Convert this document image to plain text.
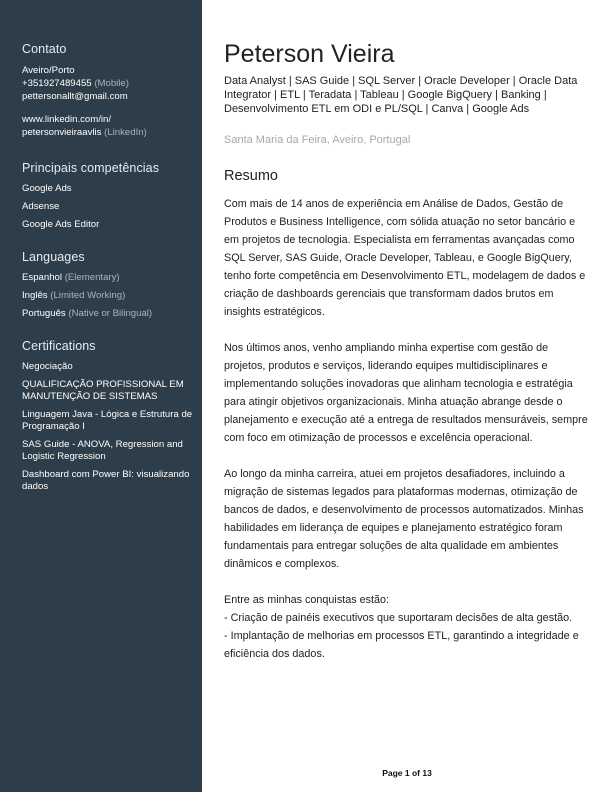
Contato
Aveiro/Porto
+351927489455 (Mobile)
pettersonallt@gmail.com
www.linkedin.com/in/
petersonvieiraavlis (LinkedIn)
Principais competências
Google Ads
Adsense
Google Ads Editor
Languages
Espanhol (Elementary)
Inglês (Limited Working)
Português (Native or Bilingual)
Certifications
Negociação
QUALIFICAÇÃO PROFISSIONAL EM MANUTENÇÃO DE SISTEMAS
Linguagem Java - Lógica e Estrutura de Programação I
SAS Guide - ANOVA, Regression and Logistic Regression
Dashboard com Power BI: visualizando dados
Peterson Vieira
Data Analyst | SAS Guide | SQL Server | Oracle Developer | Oracle Data Integrator | ETL | Teradata | Tableau | Google BigQuery | Banking | Desenvolvimento ETL em ODI e PL/SQL | Canva | Google Ads
Santa Maria da Feira, Aveiro, Portugal
Resumo

Com mais de 14 anos de experiência em Análise de Dados, Gestão de Produtos e Business Intelligence, com sólida atuação no setor bancário e em projetos de tecnologia. Especialista em ferramentas avançadas como SQL Server, SAS Guide, Oracle Developer, Tableau, e Google BigQuery, tenho forte competência em Desenvolvimento ETL, modelagem de dados e criação de dashboards gerenciais que transformam dados brutos em insights estratégicos.

Nos últimos anos, venho ampliando minha expertise com gestão de projetos, produtos e serviços, liderando equipes multidisciplinares e implementando soluções inovadoras que alinham tecnologia e estratégia para atingir objetivos organizacionais. Minha atuação abrange desde o planejamento e execução até a entrega de resultados mensuráveis, sempre com foco em otimização de processos e excelência operacional.

Ao longo da minha carreira, atuei em projetos desafiadores, incluindo a migração de sistemas legados para plataformas modernas, otimização de bancos de dados, e desenvolvimento de processos automatizados. Minhas habilidades em liderança de equipes e planejamento estratégico foram fundamentais para entregar soluções de alta qualidade em ambientes dinâmicos e complexos.

Entre as minhas conquistas estão:
- Criação de painéis executivos que suportaram decisões de alta gestão.
- Implantação de melhorias em processos ETL, garantindo a integridade e eficiência dos dados.

Page 1 of 13
